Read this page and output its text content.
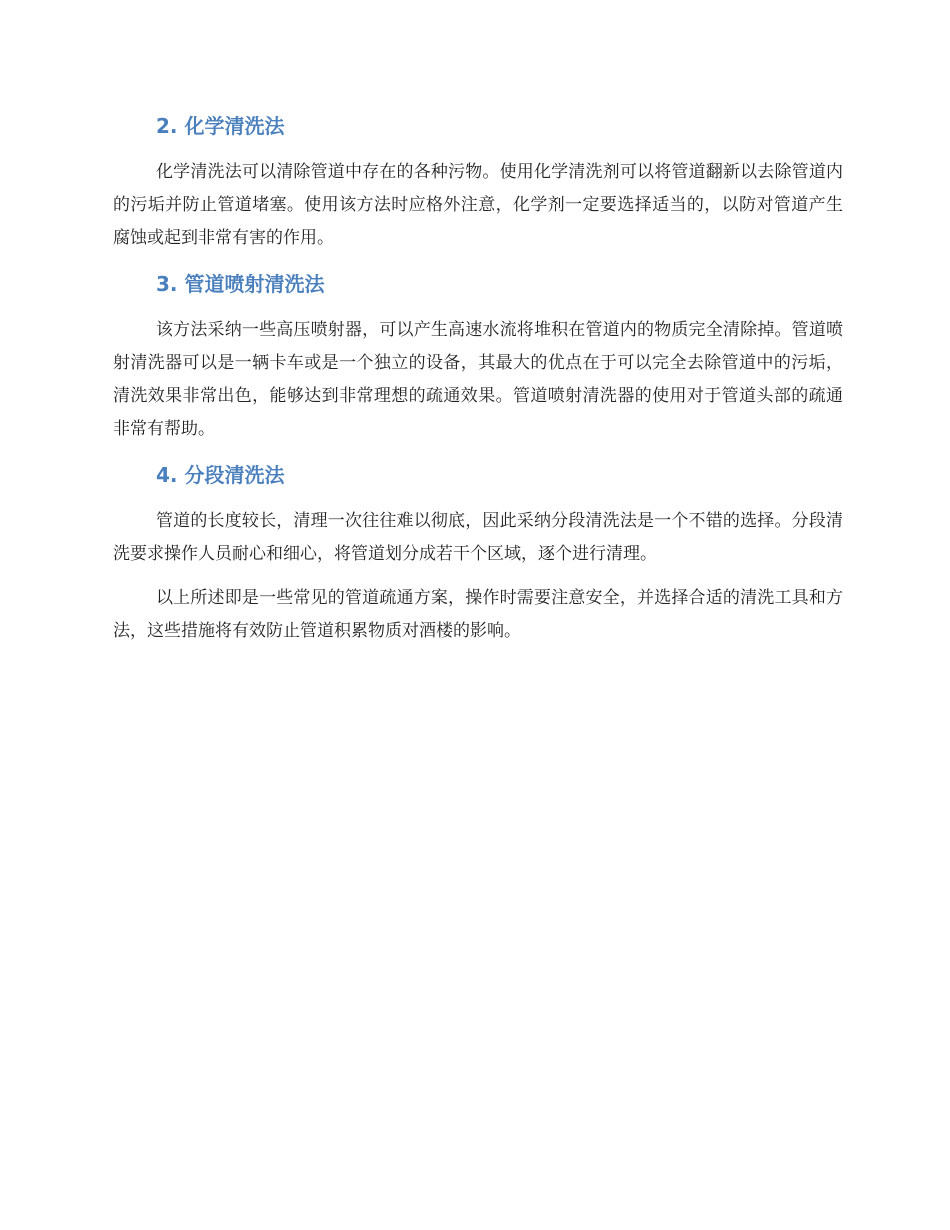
2. 化学清洗法

化学清洗法可以清除管道中存在的各种污物。使用化学清洗剂可以将管道翻新以去除管道内的污垢并防止管道堵塞。使用该方法时应格外注意，化学剂一定要选择适当的，以防对管道产生腐蚀或起到非常有害的作用。

3. 管道喷射清洗法

该方法采纳一些高压喷射器，可以产生高速水流将堆积在管道内的物质完全清除掉。管道喷射清洗器可以是一辆卡车或是一个独立的设备，其最大的优点在于可以完全去除管道中的污垢，清洗效果非常出色，能够达到非常理想的疏通效果。管道喷射清洗器的使用对于管道头部的疏通非常有帮助。

4. 分段清洗法

管道的长度较长，清理一次往往难以彻底，因此采纳分段清洗法是一个不错的选择。分段清洗要求操作人员耐心和细心，将管道划分成若干个区域，逐个进行清理。

以上所述即是一些常见的管道疏通方案，操作时需要注意安全，并选择合适的清洗工具和方法，这些措施将有效防止管道积累物质对酒楼的影响。
